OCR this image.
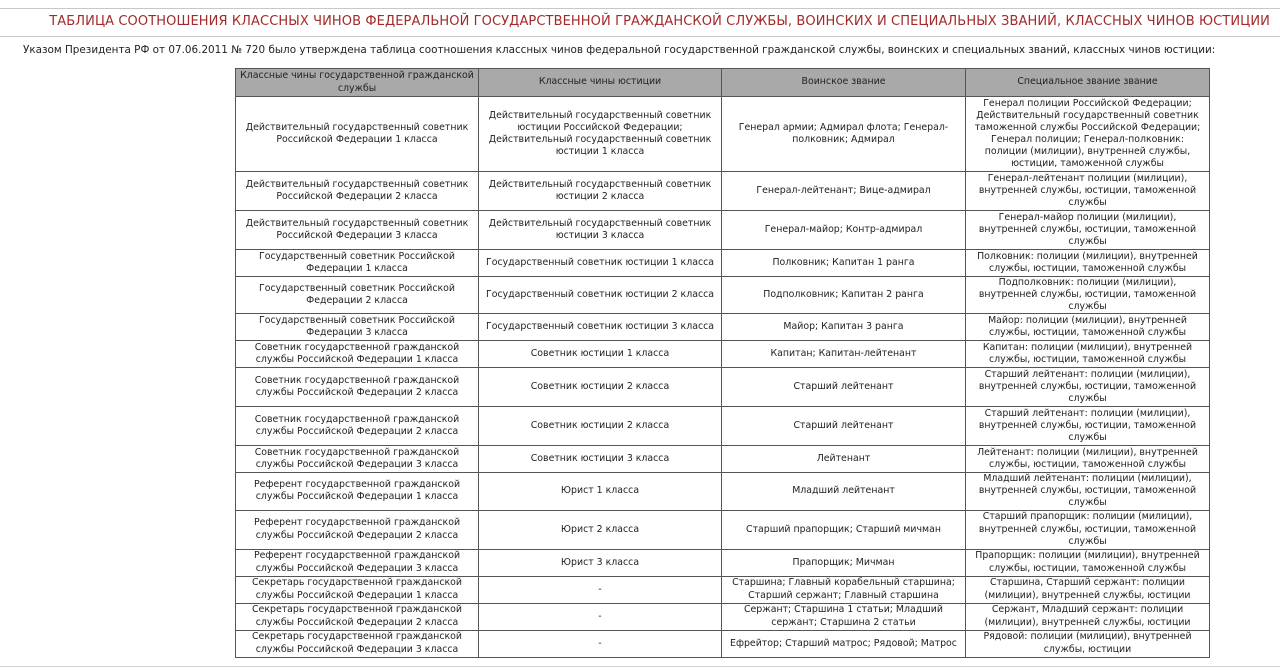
ТАБЛИЦА СООТНОШЕНИЯ КЛАССНЫХ ЧИНОВ ФЕДЕРАЛЬНОЙ ГОСУДАРСТВЕННОЙ ГРАЖДАНСКОЙ СЛУЖБЫ, ВОИНСКИХ И СПЕЦИАЛЬНЫХ ЗВАНИЙ, КЛАССНЫХ ЧИНОВ ЮСТИЦИИ
Указом Президента РФ от 07.06.2011 № 720 было утверждена таблица соотношения классных чинов федеральной государственной гражданской службы, воинских и специальных званий, классных чинов юстиции:
Классные чины государственной гражданской службы	Классные чины юстиции	Воинское звание	Специальное звание звание
Действительный государственный советник Российской Федерации 1 класса	Действительный государственный советник юстиции Российской Федерации; Действительный государственный советник юстиции 1 класса	Генерал армии; Адмирал флота; Генерал-полковник; Адмирал	Генерал полиции Российской Федерации; Действительный государственный советник таможенной службы Российской Федерации; Генерал полиции; Генерал-полковник: полиции (милиции), внутренней службы, юстиции, таможенной службы
Действительный государственный советник Российской Федерации 2 класса	Действительный государственный советник юстиции 2 класса	Генерал-лейтенант; Вице-адмирал	Генерал-лейтенант полиции (милиции), внутренней службы, юстиции, таможенной службы
Действительный государственный советник Российской Федерации 3 класса	Действительный государственный советник юстиции 3 класса	Генерал-майор; Контр-адмирал	Генерал-майор полиции (милиции), внутренней службы, юстиции, таможенной службы
Государственный советник Российской Федерации 1 класса	Государственный советник юстиции 1 класса	Полковник; Капитан 1 ранга	Полковник: полиции (милиции), внутренней службы, юстиции, таможенной службы
Государственный советник Российской Федерации 2 класса	Государственный советник юстиции 2 класса	Подполковник; Капитан 2 ранга	Подполковник: полиции (милиции), внутренней службы, юстиции, таможенной службы
Государственный советник Российской Федерации 3 класса	Государственный советник юстиции 3 класса	Майор; Капитан 3 ранга	Майор: полиции (милиции), внутренней службы, юстиции, таможенной службы
Советник государственной гражданской службы Российской Федерации 1 класса	Советник юстиции 1 класса	Капитан; Капитан-лейтенант	Капитан: полиции (милиции), внутренней службы, юстиции, таможенной службы
Советник государственной гражданской службы Российской Федерации 2 класса	Советник юстиции 2 класса	Старший лейтенант	Старший лейтенант: полиции (милиции), внутренней службы, юстиции, таможенной службы
Советник государственной гражданской службы Российской Федерации 2 класса	Советник юстиции 2 класса	Старший лейтенант	Старший лейтенант: полиции (милиции), внутренней службы, юстиции, таможенной службы
Советник государственной гражданской службы Российской Федерации 3 класса	Советник юстиции 3 класса	Лейтенант	Лейтенант: полиции (милиции), внутренней службы, юстиции, таможенной службы
Референт государственной гражданской службы Российской Федерации 1 класса	Юрист 1 класса	Младший лейтенант	Младший лейтенант: полиции (милиции), внутренней службы, юстиции, таможенной службы
Референт государственной гражданской службы Российской Федерации 2 класса	Юрист 2 класса	Старший прапорщик; Старший мичман	Старший прапорщик: полиции (милиции), внутренней службы, юстиции, таможенной службы
Референт государственной гражданской службы Российской Федерации 3 класса	Юрист 3 класса	Прапорщик; Мичман	Прапорщик: полиции (милиции), внутренней службы, юстиции, таможенной службы
Секретарь государственной гражданской службы Российской Федерации 1 класса	-	Старшина; Главный корабельный старшина; Старший сержант; Главный старшина	Старшина, Старший сержант: полиции (милиции), внутренней службы, юстиции
Секретарь государственной гражданской службы Российской Федерации 2 класса	-	Сержант; Старшина 1 статьи; Младший сержант; Старшина 2 статьи	Сержант, Младший сержант: полиции (милиции), внутренней службы, юстиции
Секретарь государственной гражданской службы Российской Федерации 3 класса	-	Ефрейтор; Старший матрос; Рядовой; Матрос	Рядовой: полиции (милиции), внутренней службы, юстиции
